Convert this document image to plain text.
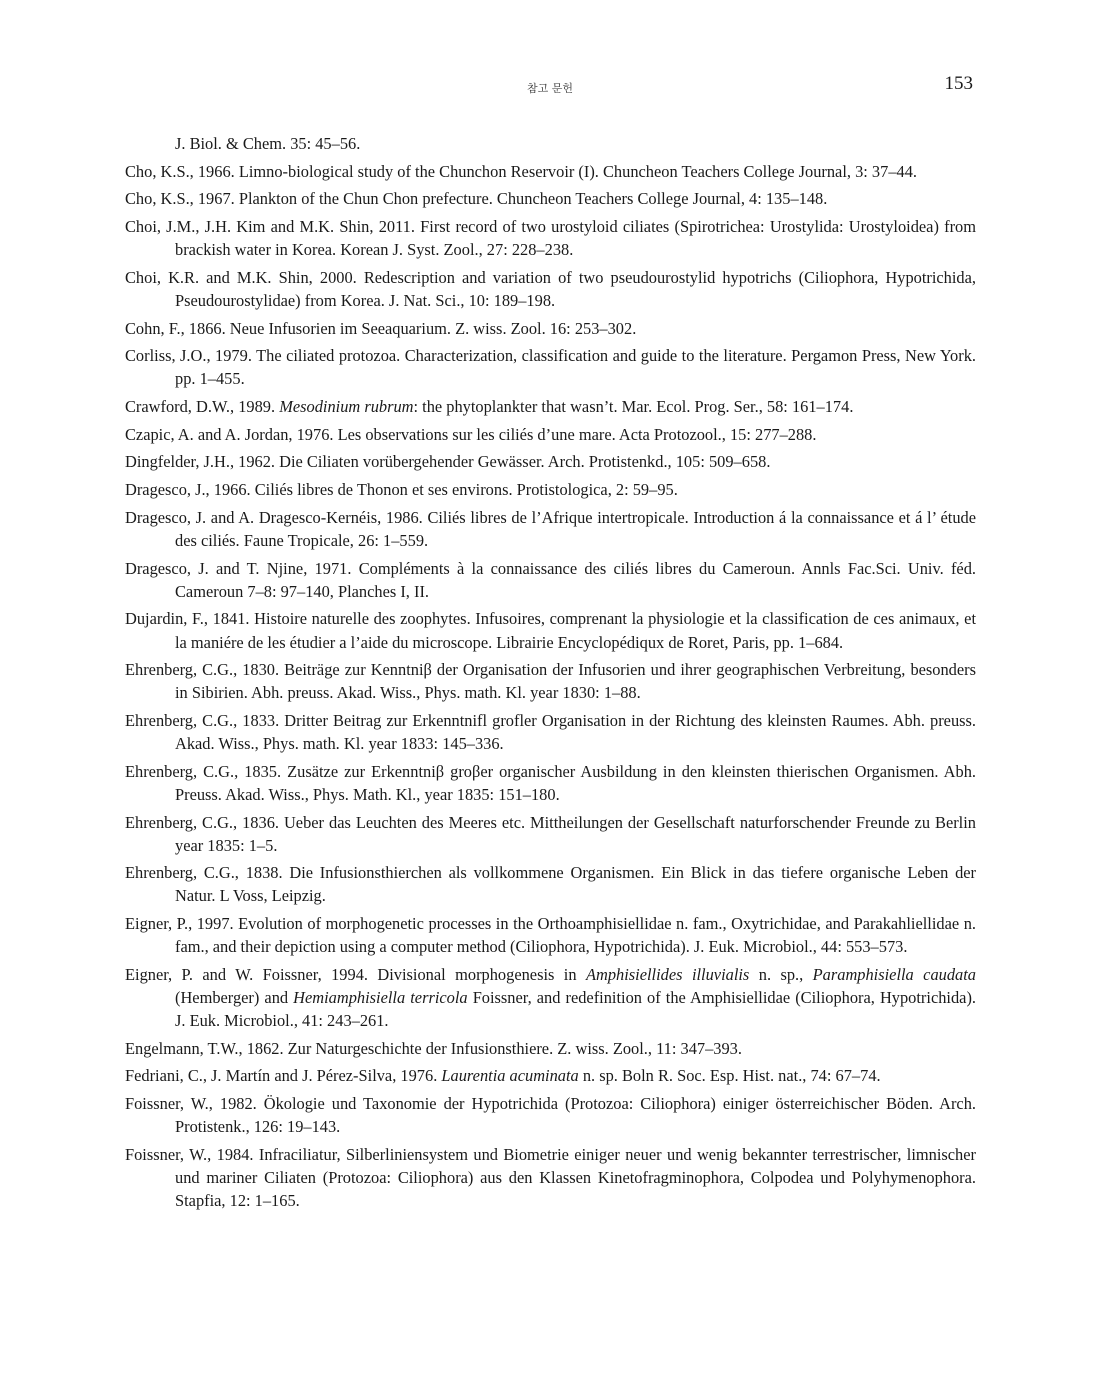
참고 문헌	153
J. Biol. & Chem. 35: 45–56.
Cho, K.S., 1966. Limno-biological study of the Chunchon Reservoir (I). Chuncheon Teachers College Journal, 3: 37–44.
Cho, K.S., 1967. Plankton of the Chun Chon prefecture. Chuncheon Teachers College Journal, 4: 135–148.
Choi, J.M., J.H. Kim and M.K. Shin, 2011. First record of two urostyloid ciliates (Spirotrichea: Urostylida: Urostyloidea) from brackish water in Korea. Korean J. Syst. Zool., 27: 228–238.
Choi, K.R. and M.K. Shin, 2000. Redescription and variation of two pseudourostylid hypotrichs (Ciliophora, Hypotrichida, Pseudourostylidae) from Korea. J. Nat. Sci., 10: 189–198.
Cohn, F., 1866. Neue Infusorien im Seeaquarium. Z. wiss. Zool. 16: 253–302.
Corliss, J.O., 1979. The ciliated protozoa. Characterization, classification and guide to the literature. Pergamon Press, New York. pp. 1–455.
Crawford, D.W., 1989. Mesodinium rubrum: the phytoplankter that wasn’t. Mar. Ecol. Prog. Ser., 58: 161–174.
Czapic, A. and A. Jordan, 1976. Les observations sur les ciliés d’une mare. Acta Protozool., 15: 277–288.
Dingfelder, J.H., 1962. Die Ciliaten vorübergehender Gewässer. Arch. Protistenkd., 105: 509–658.
Dragesco, J., 1966. Ciliés libres de Thonon et ses environs. Protistologica, 2: 59–95.
Dragesco, J. and A. Dragesco-Kernéis, 1986. Ciliés libres de l’Afrique intertropicale. Introduction á la connaissance et á l’ étude des ciliés. Faune Tropicale, 26: 1–559.
Dragesco, J. and T. Njine, 1971. Compléments à la connaissance des ciliés libres du Cameroun. Annls Fac.Sci. Univ. féd. Cameroun 7–8: 97–140, Planches I, II.
Dujardin, F., 1841. Histoire naturelle des zoophytes. Infusoires, comprenant la physiologie et la classification de ces animaux, et la maniére de les étudier a l’aide du microscope. Librairie Encyclopédiqux de Roret, Paris, pp. 1–684.
Ehrenberg, C.G., 1830. Beiträge zur Kenntniβ der Organisation der Infusorien und ihrer geographischen Verbreitung, besonders in Sibirien. Abh. preuss. Akad. Wiss., Phys. math. Kl. year 1830: 1–88.
Ehrenberg, C.G., 1833. Dritter Beitrag zur Erkenntnifl grofler Organisation in der Richtung des kleinsten Raumes. Abh. preuss. Akad. Wiss., Phys. math. Kl. year 1833: 145–336.
Ehrenberg, C.G., 1835. Zusätze zur Erkenntniβ groβer organischer Ausbildung in den kleinsten thierischen Organismen. Abh. Preuss. Akad. Wiss., Phys. Math. Kl., year 1835: 151–180.
Ehrenberg, C.G., 1836. Ueber das Leuchten des Meeres etc. Mittheilungen der Gesellschaft naturforschender Freunde zu Berlin year 1835: 1–5.
Ehrenberg, C.G., 1838. Die Infusionsthierchen als vollkommene Organismen. Ein Blick in das tiefere organische Leben der Natur. L Voss, Leipzig.
Eigner, P., 1997. Evolution of morphogenetic processes in the Orthoamphisiellidae n. fam., Oxytrichidae, and Parakahliellidae n. fam., and their depiction using a computer method (Ciliophora, Hypotrichida). J. Euk. Microbiol., 44: 553–573.
Eigner, P. and W. Foissner, 1994. Divisional morphogenesis in Amphisiellides illuvialis n. sp., Paramphisiella caudata (Hemberger) and Hemiamphisiella terricola Foissner, and redefinition of the Amphisiellidae (Ciliophora, Hypotrichida). J. Euk. Microbiol., 41: 243–261.
Engelmann, T.W., 1862. Zur Naturgeschichte der Infusionsthiere. Z. wiss. Zool., 11: 347–393.
Fedriani, C., J. Martín and J. Pérez-Silva, 1976. Laurentia acuminata n. sp. Boln R. Soc. Esp. Hist. nat., 74: 67–74.
Foissner, W., 1982. Ökologie und Taxonomie der Hypotrichida (Protozoa: Ciliophora) einiger österreichischer Böden. Arch. Protistenk., 126: 19–143.
Foissner, W., 1984. Infraciliatur, Silberliniensystem und Biometrie einiger neuer und wenig bekannter terrestrischer, limnischer und mariner Ciliaten (Protozoa: Ciliophora) aus den Klassen Kinetofragminophora, Colpodea und Polyhymenophora. Stapfia, 12: 1–165.
